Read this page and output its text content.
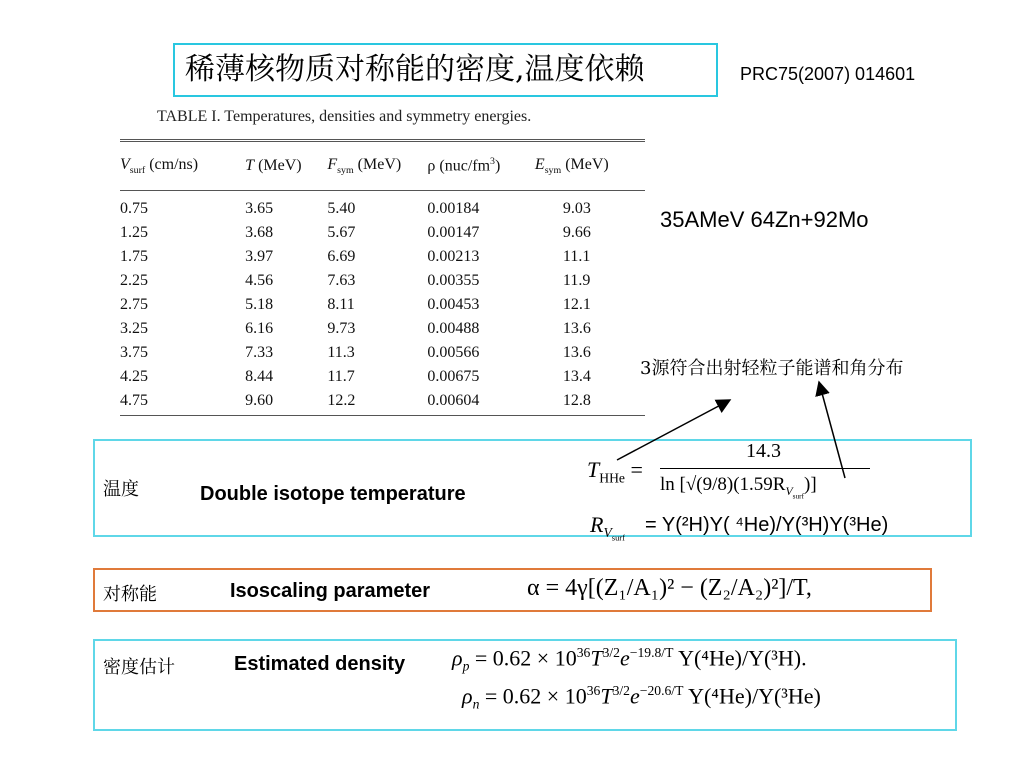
稀薄核物质对称能的密度,温度依赖	PRC75(2007) 014601
TABLE I. Temperatures, densities and symmetry energies.
$V_{surf}$ (cm/ns)	T (MeV)	$F_{sym}$ (MeV)	ρ $(nuc/fm^3)$	$E_{sym}$ (MeV)
0.75	3.65	5.40	0.00184	9.03
1.25	3.68	5.67	0.00147	9.66
1.75	3.97	6.69	0.00213	11.1
2.25	4.56	7.63	0.00355	11.9
2.75	5.18	8.11	0.00453	12.1
3.25	6.16	9.73	0.00488	13.6
3.75	7.33	11.3	0.00566	13.6
4.25	8.44	11.7	0.00675	13.4
4.75	9.60	12.2	0.00604	12.8
35AMeV 64Zn+92Mo
3源符合出射轻粒子能谱和角分布
温度	Double isotope temperature
$T_{HHe}$ =
14.3
$\ln [√(9/8)(1.59R_{V_{surf}})]$
$R_{V_{surf}}$
= Y(²H)Y( ⁴He)/Y(³H)Y(³He)
对称能	Isoscaling parameter	α = 4γ[(Z₁/A₁)² − (Z₂/A₂)²]/T,
密度估计	Estimated density $\rho_p = 0.62 \times 10^{36}T^{3/2}e^{-19.8/T}$ Y(⁴He)/Y(³H).
$\rho_n = 0.62 \times 10^{36}T^{3/2}e^{-20.6/T}$ Y(⁴He)/Y(³He)
